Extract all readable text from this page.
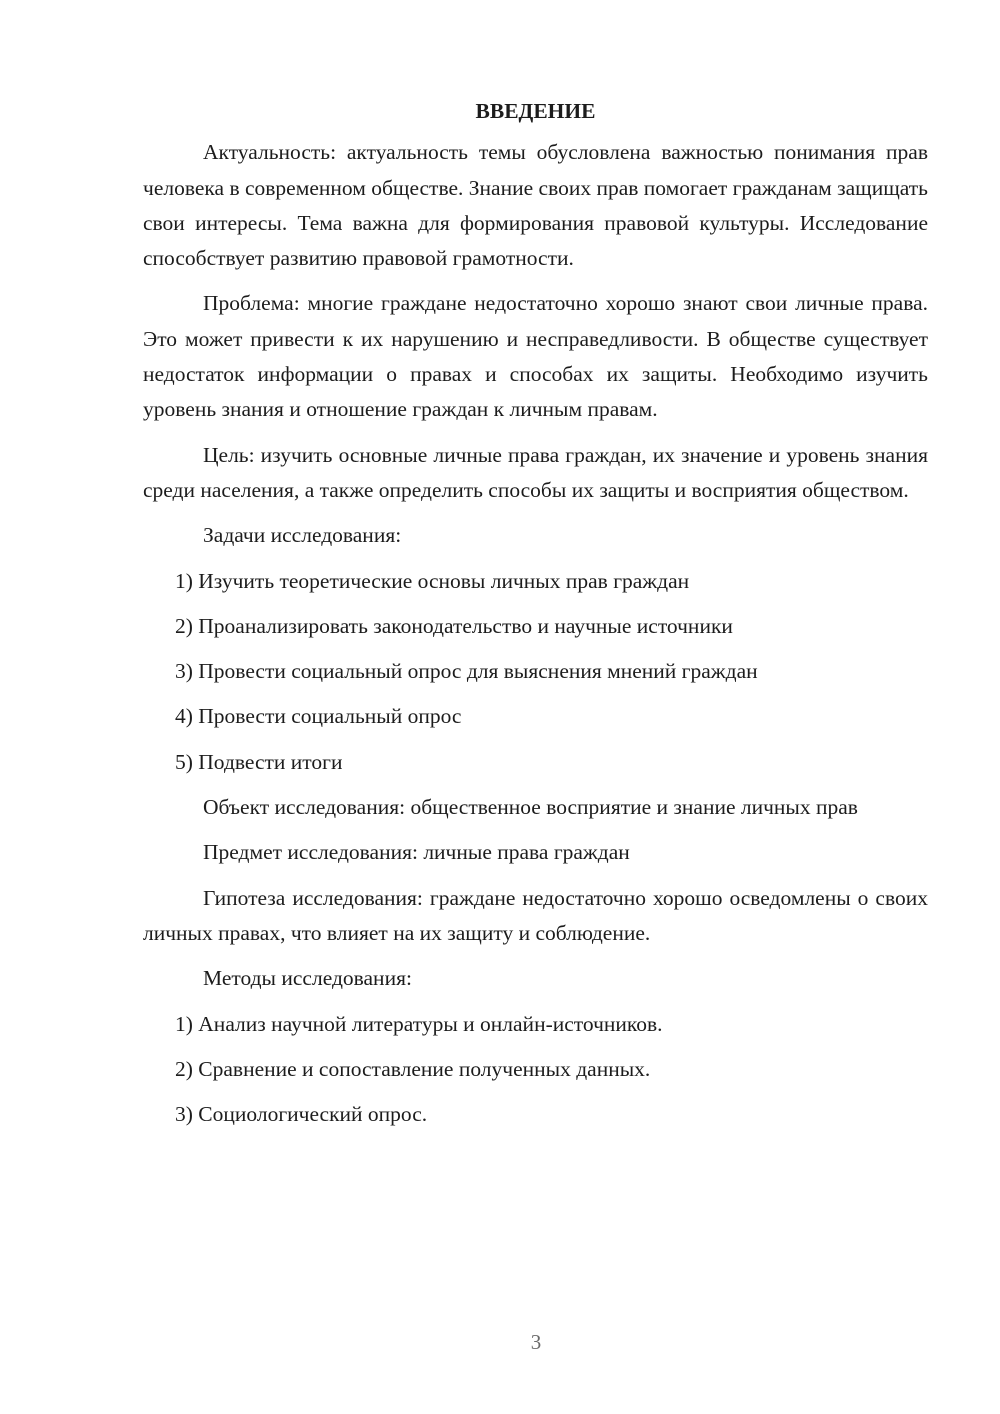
ВВЕДЕНИЕ

Актуальность: актуальность темы обусловлена важностью понимания прав человека в современном обществе. Знание своих прав помогает гражданам защищать свои интересы. Тема важна для формирования правовой культуры. Исследование способствует развитию правовой грамотности.

Проблема: многие граждане недостаточно хорошо знают свои личные права. Это может привести к их нарушению и несправедливости. В обществе существует недостаток информации о правах и способах их защиты. Необходимо изучить уровень знания и отношение граждан к личным правам.

Цель: изучить основные личные права граждан, их значение и уровень знания среди населения, а также определить способы их защиты и восприятия обществом.

Задачи исследования:

1) Изучить теоретические основы личных прав граждан

2) Проанализировать законодательство и научные источники

3) Провести социальный опрос для выяснения мнений граждан

4) Провести социальный опрос

5) Подвести итоги

Объект исследования: общественное восприятие и знание личных прав

Предмет исследования: личные права граждан

Гипотеза исследования: граждане недостаточно хорошо осведомлены о своих личных правах, что влияет на их защиту и соблюдение.

Методы исследования:

1) Анализ научной литературы и онлайн-источников.

2) Сравнение и сопоставление полученных данных.

3) Социологический опрос.

3
